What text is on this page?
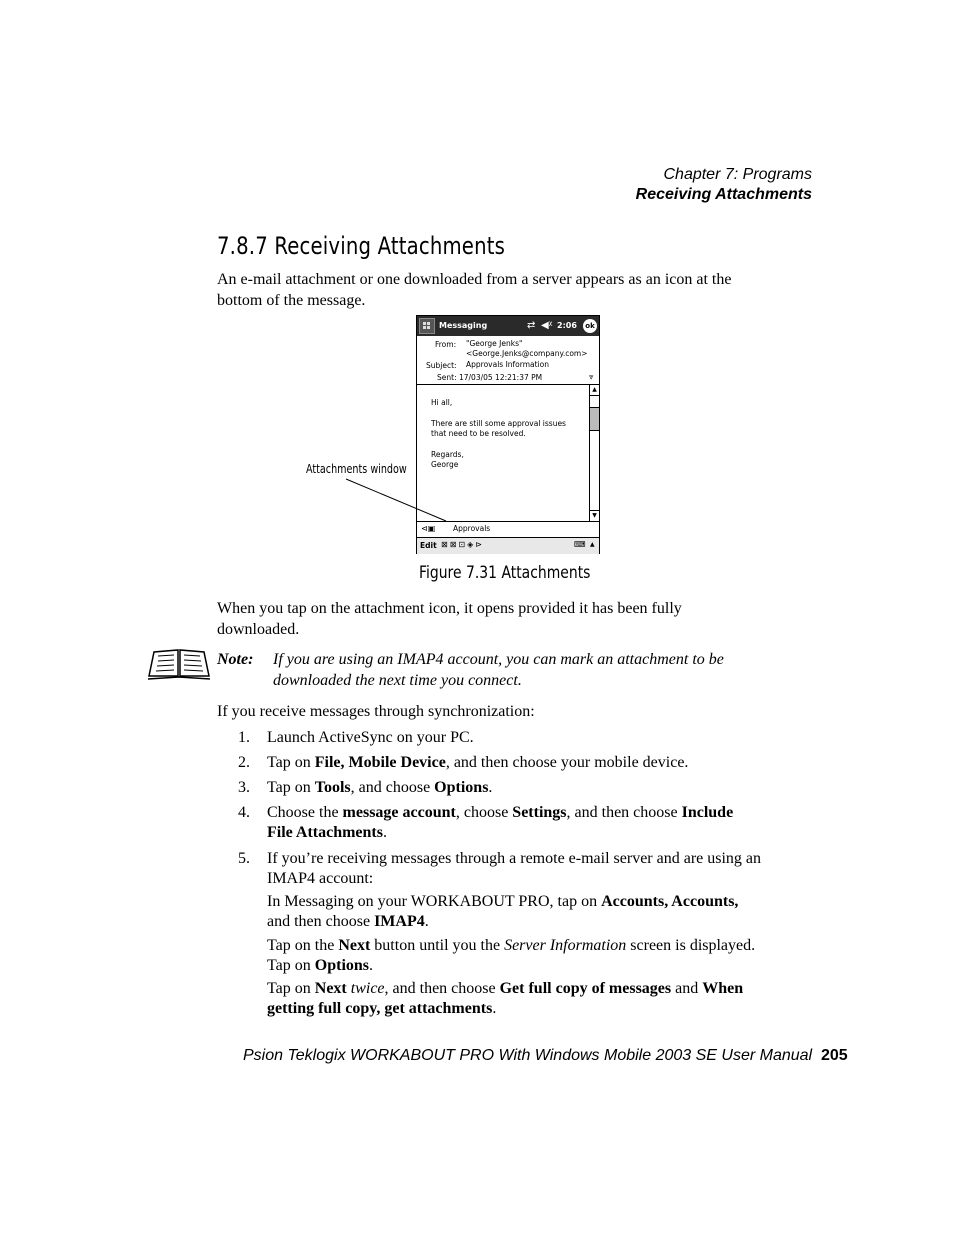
Chapter 7: Programs
Receiving Attachments
7.8.7 Receiving Attachments
An e-mail attachment or one downloaded from a server appears as an icon at the
bottom of the message.
Messaging	⇄ ◀ᵡ 2:06	ok
From: "George Jenks"
<George.Jenks@company.com>
Subject: Approvals Information
Sent: 17/03/05 12:21:37 PM	⩔
Hi all,
There are still some approval issues
that need to be resolved.
Regards,
George
▲
▼
⊲▣ Approvals
Edit ⊠⊠⊡◈⊳	⌨ ▲
Attachments window
Figure 7.31 Attachments
When you tap on the attachment icon, it opens provided it has been fully
downloaded.
Note: If you are using an IMAP4 account, you can mark an attachment to be
downloaded the next time you connect.
If you receive messages through synchronization:
1. Launch ActiveSync on your PC.
2. Tap on File, Mobile Device, and then choose your mobile device.
3. Tap on Tools, and choose Options.
4. Choose the message account, choose Settings, and then choose Include
File Attachments.
5. If you’re receiving messages through a remote e-mail server and are using an
IMAP4 account:
In Messaging on your WORKABOUT PRO, tap on Accounts, Accounts,
and then choose IMAP4.
Tap on the Next button until you the Server Information screen is displayed.
Tap on Options.
Tap on Next twice, and then choose Get full copy of messages and When
getting full copy, get attachments.
Psion Teklogix WORKABOUT PRO With Windows Mobile 2003 SE User Manual 205
